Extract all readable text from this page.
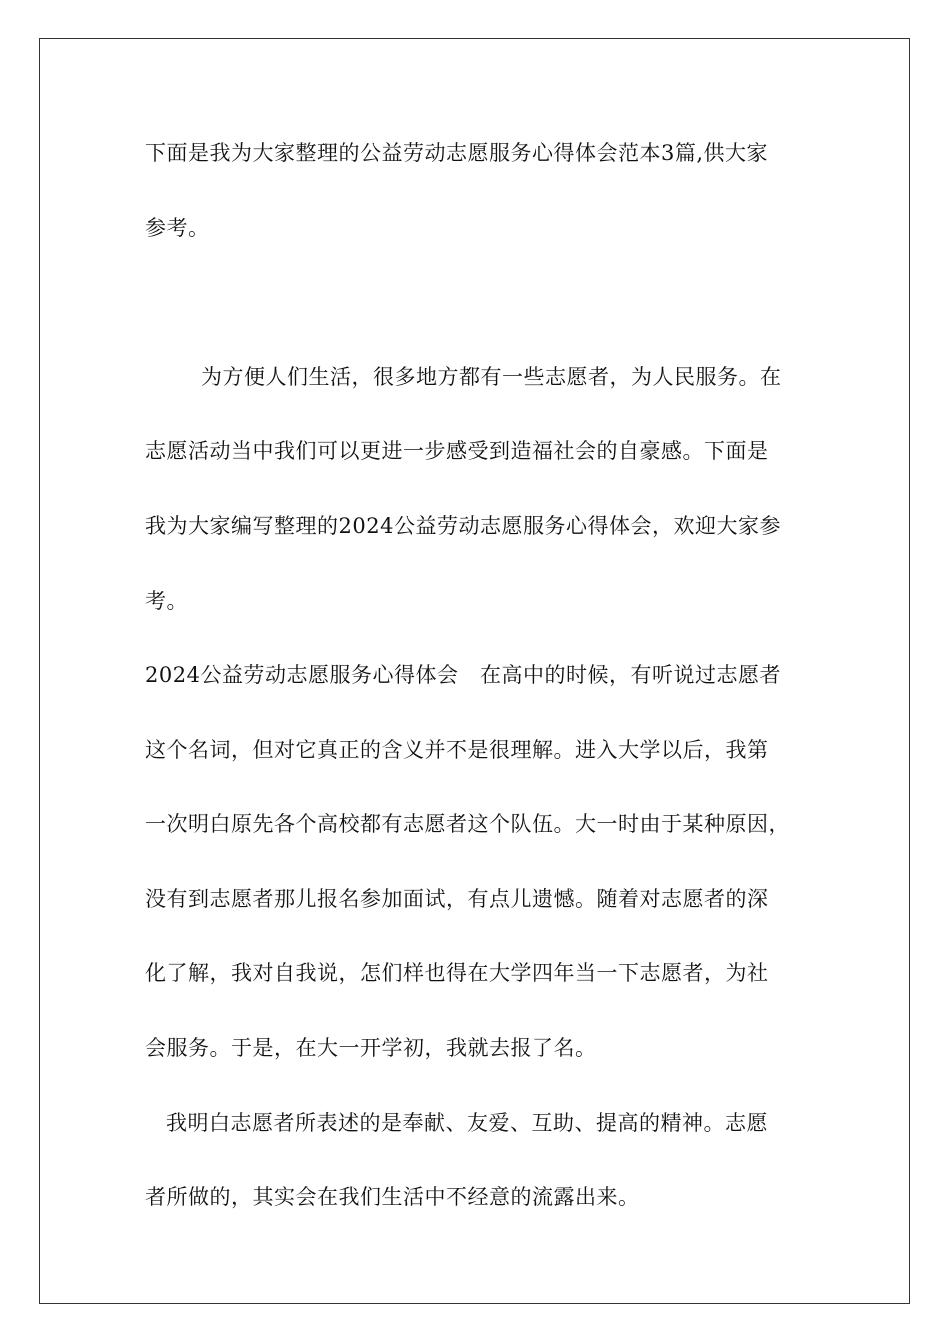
下面是我为大家整理的公益劳动志愿服务心得体会范本3篇,供大家
参考。
为方便人们生活，很多地方都有一些志愿者，为人民服务。在
志愿活动当中我们可以更进一步感受到造福社会的自豪感。下面是
我为大家编写整理的2024公益劳动志愿服务心得体会，欢迎大家参
考。
2024公益劳动志愿服务心得体会　在高中的时候，有听说过志愿者
这个名词，但对它真正的含义并不是很理解。进入大学以后，我第
一次明白原先各个高校都有志愿者这个队伍。大一时由于某种原因，
没有到志愿者那儿报名参加面试，有点儿遗憾。随着对志愿者的深
化了解，我对自我说，怎们样也得在大学四年当一下志愿者，为社
会服务。于是，在大一开学初，我就去报了名。
我明白志愿者所表述的是奉献、友爱、互助、提高的精神。志愿
者所做的，其实会在我们生活中不经意的流露出来。
